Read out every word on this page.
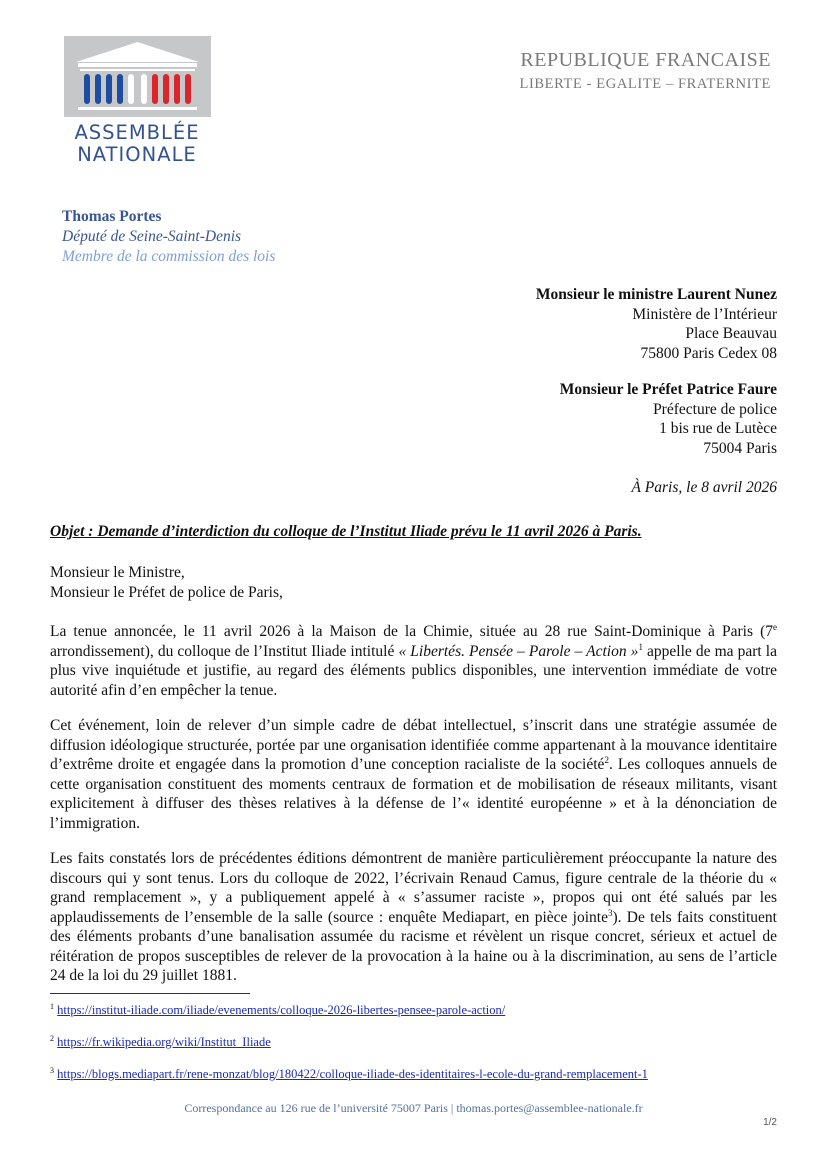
ASSEMBLÉE
NATIONALE
REPUBLIQUE FRANCAISE
LIBERTE - EGALITE – FRATERNITE
Thomas Portes
Député de Seine-Saint-Denis
Membre de la commission des lois
Monsieur le ministre Laurent Nunez
Ministère de l’Intérieur
Place Beauvau
75800 Paris Cedex 08
Monsieur le Préfet Patrice Faure
Préfecture de police
1 bis rue de Lutèce
75004 Paris
À Paris, le 8 avril 2026
Objet : Demande d’interdiction du colloque de l’Institut Iliade prévu le 11 avril 2026 à Paris.
Monsieur le Ministre,
Monsieur le Préfet de police de Paris,

La tenue annoncée, le 11 avril 2026 à la Maison de la Chimie, située au 28 rue Saint-Dominique à Paris (7e arrondissement), du colloque de l’Institut Iliade intitulé « Libertés. Pensée – Parole – Action »$^1$ appelle de ma part la plus vive inquiétude et justifie, au regard des éléments publics disponibles, une intervention immédiate de votre autorité afin d’en empêcher la tenue.

Cet événement, loin de relever d’un simple cadre de débat intellectuel, s’inscrit dans une stratégie assumée de diffusion idéologique structurée, portée par une organisation identifiée comme appartenant à la mouvance identitaire d’extrême droite et engagée dans la promotion d’une conception racialiste de la société$^2$. Les colloques annuels de cette organisation constituent des moments centraux de formation et de mobilisation de réseaux militants, visant explicitement à diffuser des thèses relatives à la défense de l’« identité européenne » et à la dénonciation de l’immigration.

Les faits constatés lors de précédentes éditions démontrent de manière particulièrement préoccupante la nature des discours qui y sont tenus. Lors du colloque de 2022, l’écrivain Renaud Camus, figure centrale de la théorie du « grand remplacement », y a publiquement appelé à « s’assumer raciste », propos qui ont été salués par les applaudissements de l’ensemble de la salle (source : enquête Mediapart, en pièce jointe$^3$). De tels faits constituent des éléments probants d’une banalisation assumée du racisme et révèlent un risque concret, sérieux et actuel de réitération de propos susceptibles de relever de la provocation à la haine ou à la discrimination, au sens de l’article 24 de la loi du 29 juillet 1881.

$^1$ https://institut-iliade.com/iliade/evenements/colloque-2026-libertes-pensee-parole-action/
$^2$ https://fr.wikipedia.org/wiki/Institut_Iliade
$^3$ https://blogs.mediapart.fr/rene-monzat/blog/180422/colloque-iliade-des-identitaires-l-ecole-du-grand-remplacement-1
Correspondance au 126 rue de l’université 75007 Paris | thomas.portes@assemblee-nationale.fr
1/2
